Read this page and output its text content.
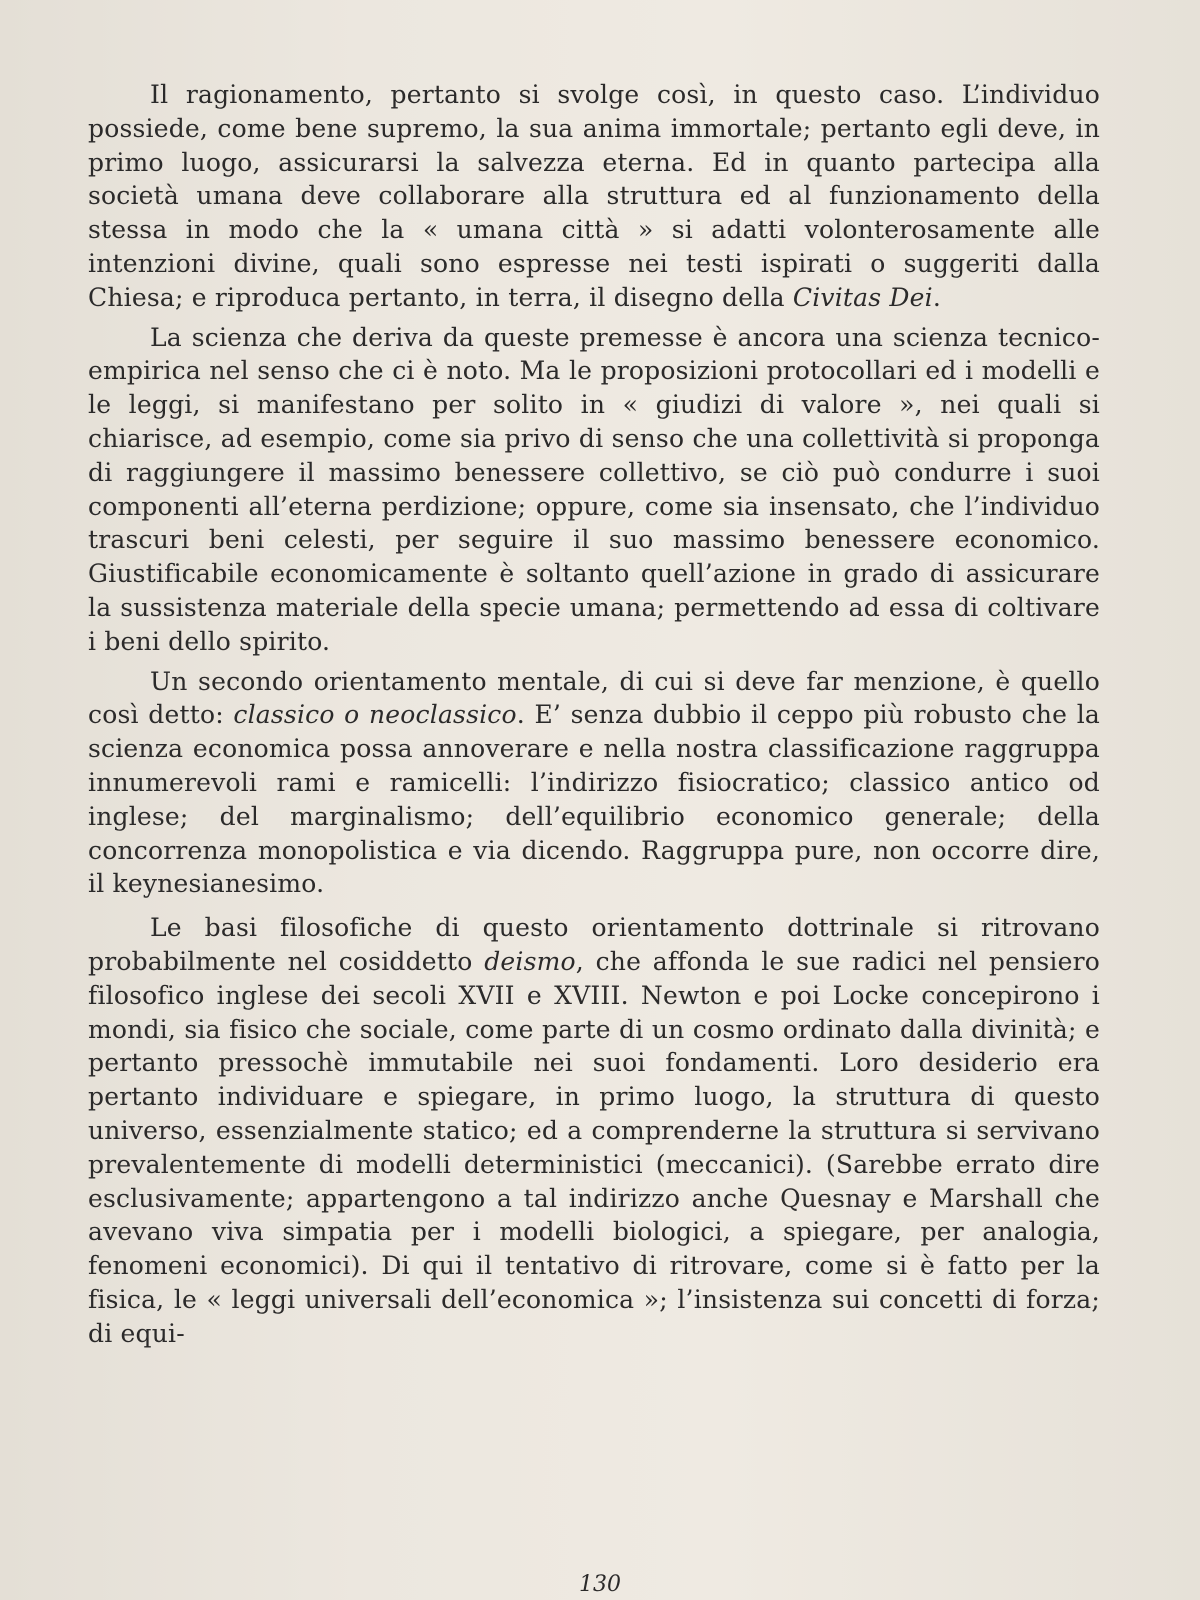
Il ragionamento, pertanto si svolge così, in questo caso. L’individuo possiede, come bene supremo, la sua anima immortale; pertanto egli deve, in primo luogo, assicurarsi la salvezza eterna. Ed in quanto partecipa alla società umana deve collaborare alla struttura ed al funzionamento della stessa in modo che la « umana città » si adatti volonterosamente alle intenzioni divine, quali sono espresse nei testi ispirati o suggeriti dalla Chiesa; e riproduca pertanto, in terra, il disegno della Civitas Dei.

La scienza che deriva da queste premesse è ancora una scienza tecnico-empirica nel senso che ci è noto. Ma le proposizioni protocollari ed i modelli e le leggi, si manifestano per solito in « giudizi di valore », nei quali si chiarisce, ad esempio, come sia privo di senso che una collettività si proponga di raggiungere il massimo benessere collettivo, se ciò può condurre i suoi componenti all’eterna perdizione; oppure, come sia insensato, che l’individuo trascuri beni celesti, per seguire il suo massimo benessere economico. Giustificabile economicamente è soltanto quell’azione in grado di assicurare la sussistenza materiale della specie umana; permettendo ad essa di coltivare i beni dello spirito.

Un secondo orientamento mentale, di cui si deve far menzione, è quello così detto: classico o neoclassico. E’ senza dubbio il ceppo più robusto che la scienza economica possa annoverare e nella nostra classificazione raggruppa innumerevoli rami e ramicelli: l’indirizzo fisiocratico; classico antico od inglese; del marginalismo; dell’equilibrio economico generale; della concorrenza monopolistica e via dicendo. Raggruppa pure, non occorre dire, il keynesianesimo.

Le basi filosofiche di questo orientamento dottrinale si ritrovano probabilmente nel cosiddetto deismo, che affonda le sue radici nel pensiero filosofico inglese dei secoli XVII e XVIII. Newton e poi Locke concepirono i mondi, sia fisico che sociale, come parte di un cosmo ordinato dalla divinità; e pertanto pressochè immutabile nei suoi fondamenti. Loro desiderio era pertanto individuare e spiegare, in primo luogo, la struttura di questo universo, essenzialmente statico; ed a comprenderne la struttura si servivano prevalentemente di modelli deterministici (meccanici). (Sarebbe errato dire esclusivamente; appartengono a tal indirizzo anche Quesnay e Marshall che avevano viva simpatia per i modelli biologici, a spiegare, per analogia, fenomeni economici). Di qui il tentativo di ritrovare, come si è fatto per la fisica, le « leggi universali dell’economica »; l’insistenza sui concetti di forza; di equi-

130
